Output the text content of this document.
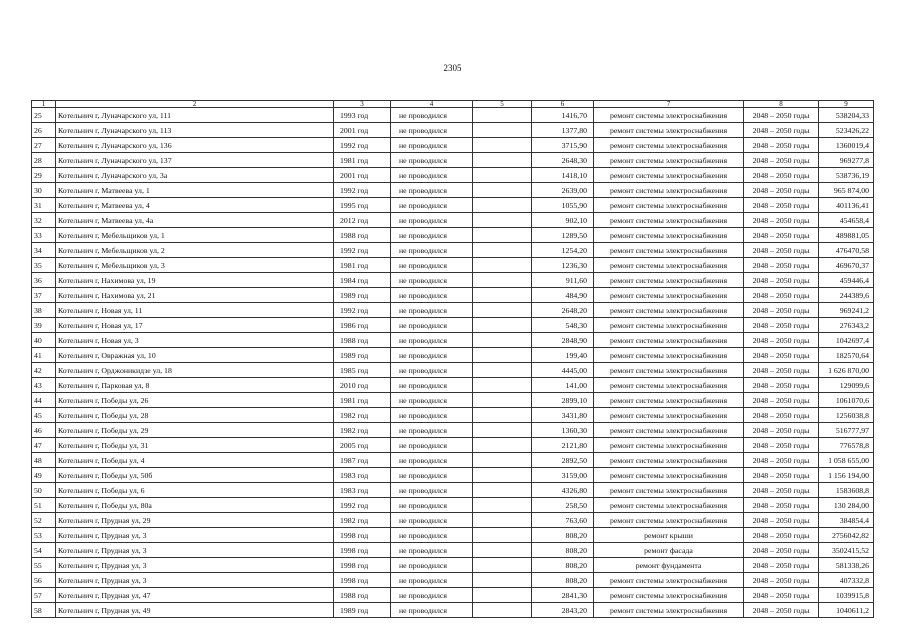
2305
1	2	3	4	5	6	7	8	9
25	Котельнич г, Луначарского ул, 111	1993 год	не проводился		1416,70	ремонт системы электроснабжения	2048 – 2050 годы	538204,33
26	Котельнич г, Луначарского ул, 113	2001 год	не проводился		1377,80	ремонт системы электроснабжения	2048 – 2050 годы	523426,22
27	Котельнич г, Луначарского ул, 136	1992 год	не проводился		3715,90	ремонт системы электроснабжения	2048 – 2050 годы	1360019,4
28	Котельнич г, Луначарского ул, 137	1981 год	не проводился		2648,30	ремонт системы электроснабжения	2048 – 2050 годы	969277,8
29	Котельнич г, Луначарского ул, 3а	2001 год	не проводился		1418,10	ремонт системы электроснабжения	2048 – 2050 годы	538736,19
30	Котельнич г, Матвеева ул, 1	1992 год	не проводился		2639,00	ремонт системы электроснабжения	2048 – 2050 годы	965 874,00
31	Котельнич г, Матвеева ул, 4	1995 год	не проводился		1055,90	ремонт системы электроснабжения	2048 – 2050 годы	401136,41
32	Котельнич г, Матвеева ул, 4а	2012 год	не проводился		902,10	ремонт системы электроснабжения	2048 – 2050 годы	454658,4
33	Котельнич г, Мебельщиков ул, 1	1988 год	не проводился		1289,50	ремонт системы электроснабжения	2048 – 2050 годы	489881,05
34	Котельнич г, Мебельщиков ул, 2	1992 год	не проводился		1254,20	ремонт системы электроснабжения	2048 – 2050 годы	476470,58
35	Котельнич г, Мебельщиков ул, 3	1981 год	не проводился		1236,30	ремонт системы электроснабжения	2048 – 2050 годы	469670,37
36	Котельнич г, Нахимова ул, 19	1984 год	не проводился		911,60	ремонт системы электроснабжения	2048 – 2050 годы	459446,4
37	Котельнич г, Нахимова ул, 21	1989 год	не проводился		484,90	ремонт системы электроснабжения	2048 – 2050 годы	244389,6
38	Котельнич г, Новая ул, 11	1992 год	не проводился		2648,20	ремонт системы электроснабжения	2048 – 2050 годы	969241,2
39	Котельнич г, Новая ул, 17	1986 год	не проводился		548,30	ремонт системы электроснабжения	2048 – 2050 годы	276343,2
40	Котельнич г, Новая ул, 3	1988 год	не проводился		2848,90	ремонт системы электроснабжения	2048 – 2050 годы	1042697,4
41	Котельнич г, Овражная ул, 10	1989 год	не проводился		199,40	ремонт системы электроснабжения	2048 – 2050 годы	182570,64
42	Котельнич г, Орджоникидзе ул, 18	1985 год	не проводился		4445,00	ремонт системы электроснабжения	2048 – 2050 годы	1 626 870,00
43	Котельнич г, Парковая ул, 8	2010 год	не проводился		141,00	ремонт системы электроснабжения	2048 – 2050 годы	129099,6
44	Котельнич г, Победы ул, 26	1981 год	не проводился		2899,10	ремонт системы электроснабжения	2048 – 2050 годы	1061070,6
45	Котельнич г, Победы ул, 28	1982 год	не проводился		3431,80	ремонт системы электроснабжения	2048 – 2050 годы	1256038,8
46	Котельнич г, Победы ул, 29	1982 год	не проводился		1360,30	ремонт системы электроснабжения	2048 – 2050 годы	516777,97
47	Котельнич г, Победы ул, 31	2005 год	не проводился		2121,80	ремонт системы электроснабжения	2048 – 2050 годы	776578,8
48	Котельнич г, Победы ул, 4	1987 год	не проводился		2892,50	ремонт системы электроснабжения	2048 – 2050 годы	1 058 655,00
49	Котельнич г, Победы ул, 50б	1983 год	не проводился		3159,00	ремонт системы электроснабжения	2048 – 2050 годы	1 156 194,00
50	Котельнич г, Победы ул, 6	1983 год	не проводился		4326,80	ремонт системы электроснабжения	2048 – 2050 годы	1583608,8
51	Котельнич г, Победы ул, 80а	1992 год	не проводился		258,50	ремонт системы электроснабжения	2048 – 2050 годы	130 284,00
52	Котельнич г, Прудная ул, 29	1982 год	не проводился		763,60	ремонт системы электроснабжения	2048 – 2050 годы	384854,4
53	Котельнич г, Прудная ул, 3	1998 год	не проводился		808,20	ремонт крыши	2048 – 2050 годы	2756042,82
54	Котельнич г, Прудная ул, 3	1998 год	не проводился		808,20	ремонт фасада	2048 – 2050 годы	3502415,52
55	Котельнич г, Прудная ул, 3	1998 год	не проводился		808,20	ремонт фундамента	2048 – 2050 годы	581338,26
56	Котельнич г, Прудная ул, 3	1998 год	не проводился		808,20	ремонт системы электроснабжения	2048 – 2050 годы	407332,8
57	Котельнич г, Прудная ул, 47	1988 год	не проводился		2841,30	ремонт системы электроснабжения	2048 – 2050 годы	1039915,8
58	Котельнич г, Прудная ул, 49	1989 год	не проводился		2843,20	ремонт системы электроснабжения	2048 – 2050 годы	1040611,2
